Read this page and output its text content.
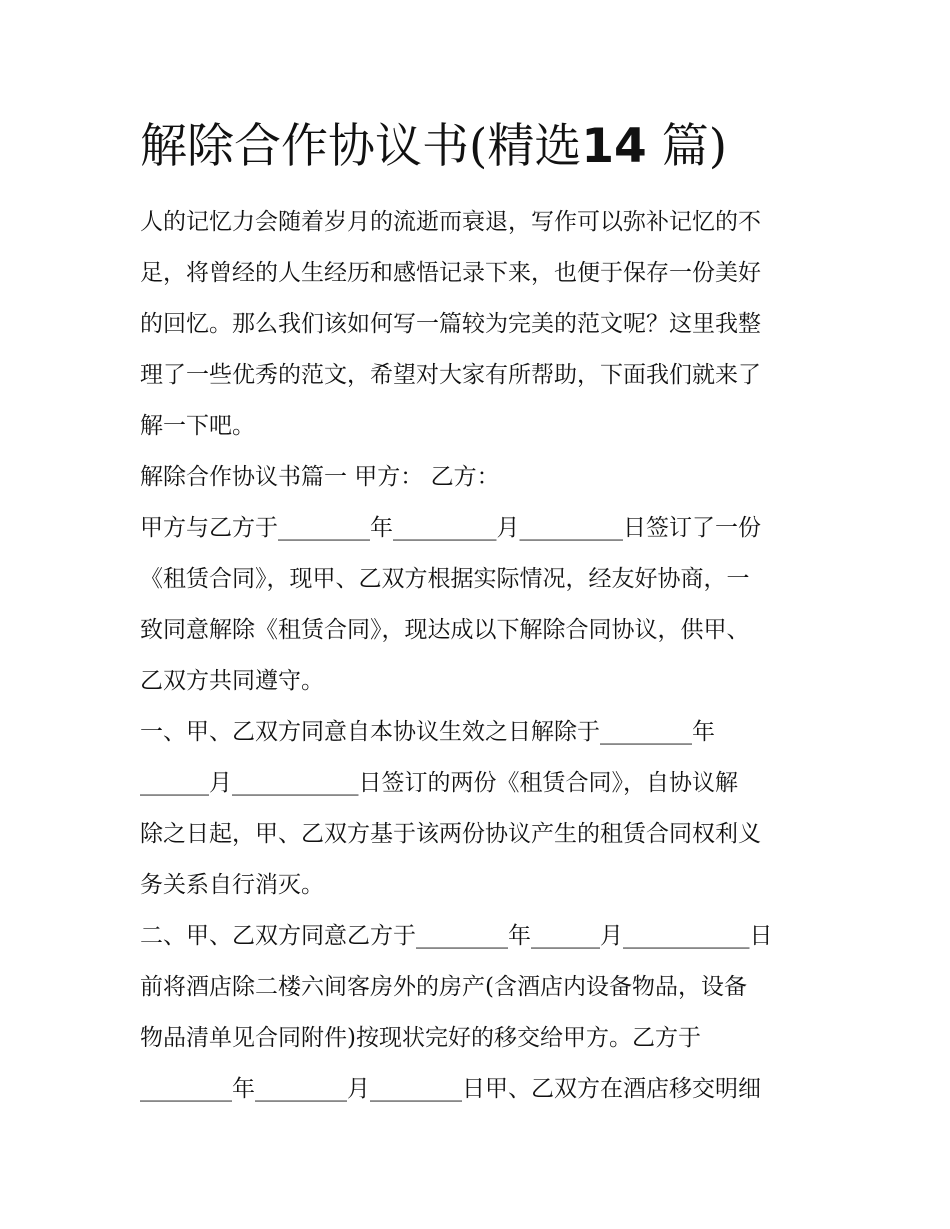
解除合作协议书(精选14 篇)

人的记忆力会随着岁月的流逝而衰退，写作可以弥补记忆的不

足，将曾经的人生经历和感悟记录下来，也便于保存一份美好

的回忆。那么我们该如何写一篇较为完美的范文呢？这里我整

理了一些优秀的范文，希望对大家有所帮助，下面我们就来了

解一下吧。

解除合作协议书篇一 甲方： 乙方：

甲方与乙方于________年_________月_________日签订了一份

《租赁合同》，现甲、乙双方根据实际情况，经友好协商，一

致同意解除《租赁合同》，现达成以下解除合同协议，供甲、

乙双方共同遵守。

一、甲、乙双方同意自本协议生效之日解除于________年

______月___________日签订的两份《租赁合同》，自协议解

除之日起，甲、乙双方基于该两份协议产生的租赁合同权利义

务关系自行消灭。

二、甲、乙双方同意乙方于________年______月___________日

前将酒店除二楼六间客房外的房产(含酒店内设备物品，设备

物品清单见合同附件)按现状完好的移交给甲方。乙方于

________年________月________日甲、乙双方在酒店移交明细
